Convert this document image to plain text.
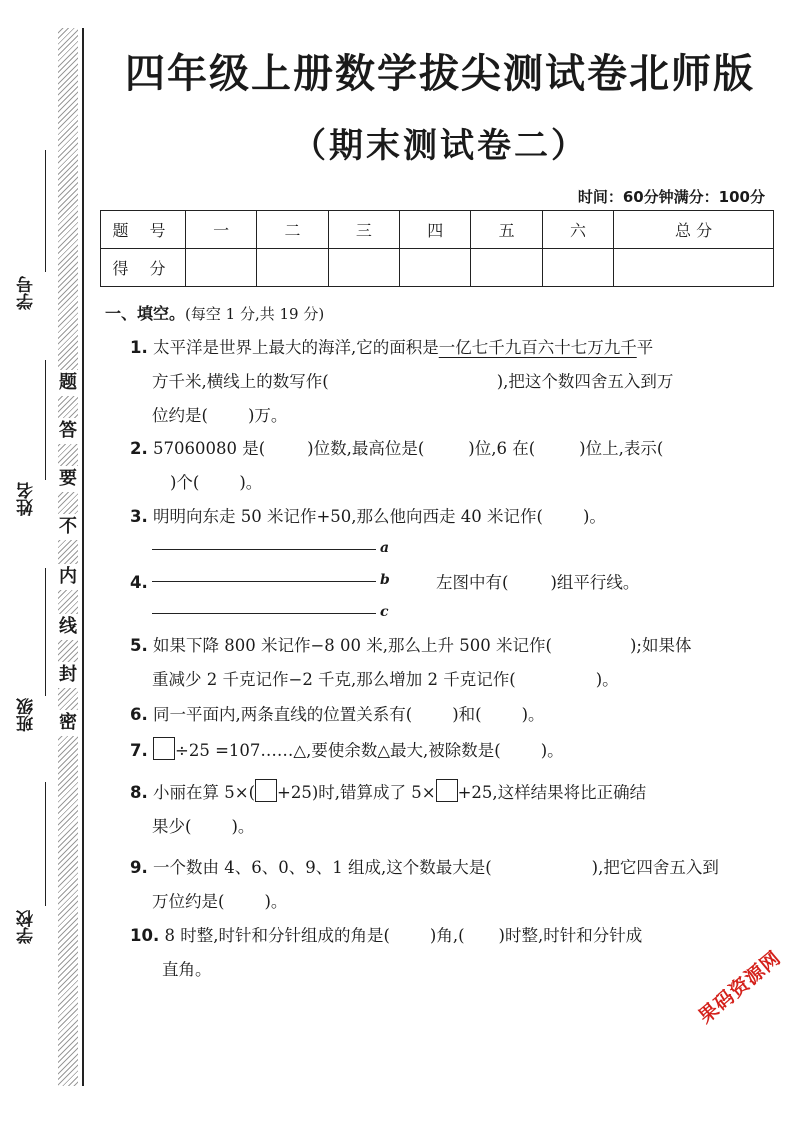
题
答
要
不
内
线
封
密
学号
姓名
班级
学校
四年级上册数学拔尖测试卷北师版
（期末测试卷二）
时间：60分钟满分：100分
题 号	一	二	三	四	五	六	总 分
得 分							
一、填空。(每空 1 分,共 19 分)
1. 太平洋是世界上最大的海洋,它的面积是一亿七千九百六十七万九千平
方千米,横线上的数写作(	),把这个数四舍五入到万
位约是( )万。
2. 57060080 是(	)位数,最高位是(	)位,6 在(	)位上,表示(
)个( )。
3. 明明向东走 50 米记作+50,那么他向西走 40 米记作( )。
4.
a
b
c
左图中有(	)组平行线。
5. 如果下降 800 米记作−8 00 米,那么上升 500 米记作(	);如果体
重减少 2 千克记作−2 千克,那么增加 2 千克记作(	)。
6. 同一平面内,两条直线的位置关系有( )和( )。
7. ÷25 =107……△,要使余数△最大,被除数是( )。
8. 小丽在算 5×( +25)时,错算成了 5× +25,这样结果将比正确结
果少( )。
9. 一个数由 4、6、0、9、1 组成,这个数最大是(	),把它四舍五入到
万位约是( )。
10. 8 时整,时针和分针组成的角是( )角,( )时整,时针和分针成
直角。	果码资源网
